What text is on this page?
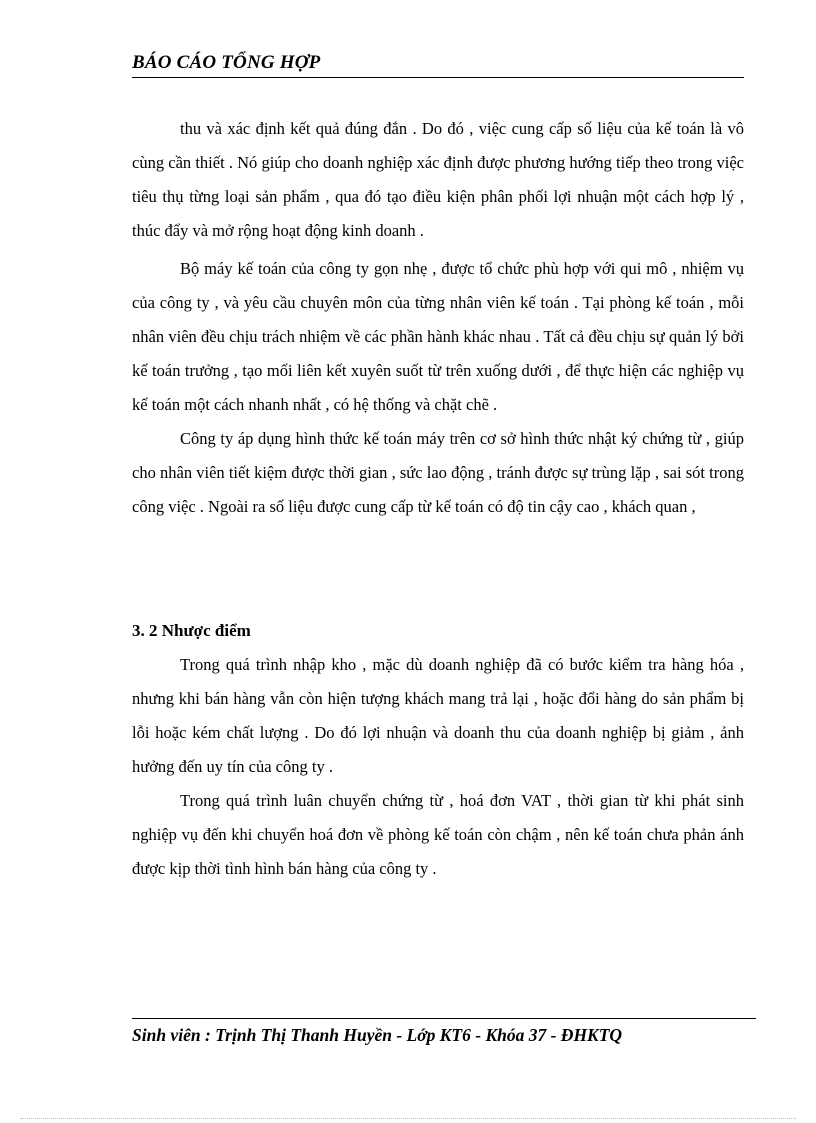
BÁO CÁO TỔNG HỢP

thu và xác định kết quả đúng đắn . Do đó , việc cung cấp số liệu của kế toán là vô cùng cần thiết . Nó giúp cho doanh nghiệp xác định được phương hướng tiếp theo trong việc tiêu thụ từng loại sản phẩm , qua đó tạo điều kiện phân phối lợi nhuận một cách hợp lý , thúc đẩy và mở rộng hoạt động kinh doanh .

Bộ máy kế toán của công ty gọn nhẹ , được tổ chức phù hợp với qui mô , nhiệm vụ của công ty , và yêu cầu chuyên môn của từng nhân viên kế toán . Tại phòng kế toán , mỗi nhân viên đều chịu trách nhiệm về các phần hành khác nhau . Tất cả đều chịu sự quản lý bởi kế toán trưởng , tạo mối liên kết xuyên suốt từ trên xuống dưới , để thực hiện các nghiệp vụ kế toán một cách nhanh nhất , có hệ thống và chặt chẽ .

Công ty áp dụng hình thức kế toán máy trên cơ sở hình thức nhật ký chứng từ , giúp cho nhân viên tiết kiệm được thời gian , sức lao động , tránh được sự trùng lặp , sai sót trong công việc . Ngoài ra số liệu được cung cấp từ kế toán có độ tin cậy cao , khách quan ,

3. 2 Nhược điểm

Trong quá trình nhập kho , mặc dù doanh nghiệp đã có bước kiểm tra hàng hóa , nhưng khi bán hàng vẫn còn hiện tượng khách mang trả lại , hoặc đổi hàng do sản phẩm bị lỗi hoặc kém chất lượng . Do đó lợi nhuận và doanh thu của doanh nghiệp bị giảm , ảnh hưởng đến uy tín của công ty .

Trong quá trình luân chuyển chứng từ , hoá đơn VAT , thời gian từ khi phát sinh nghiệp vụ đến khi chuyển hoá đơn về phòng kế toán còn chậm , nên kế toán chưa phản ánh được kịp thời tình hình bán hàng của công ty .

Sinh viên : Trịnh Thị Thanh Huyền - Lớp KT6 - Khóa 37 - ĐHKTQ
